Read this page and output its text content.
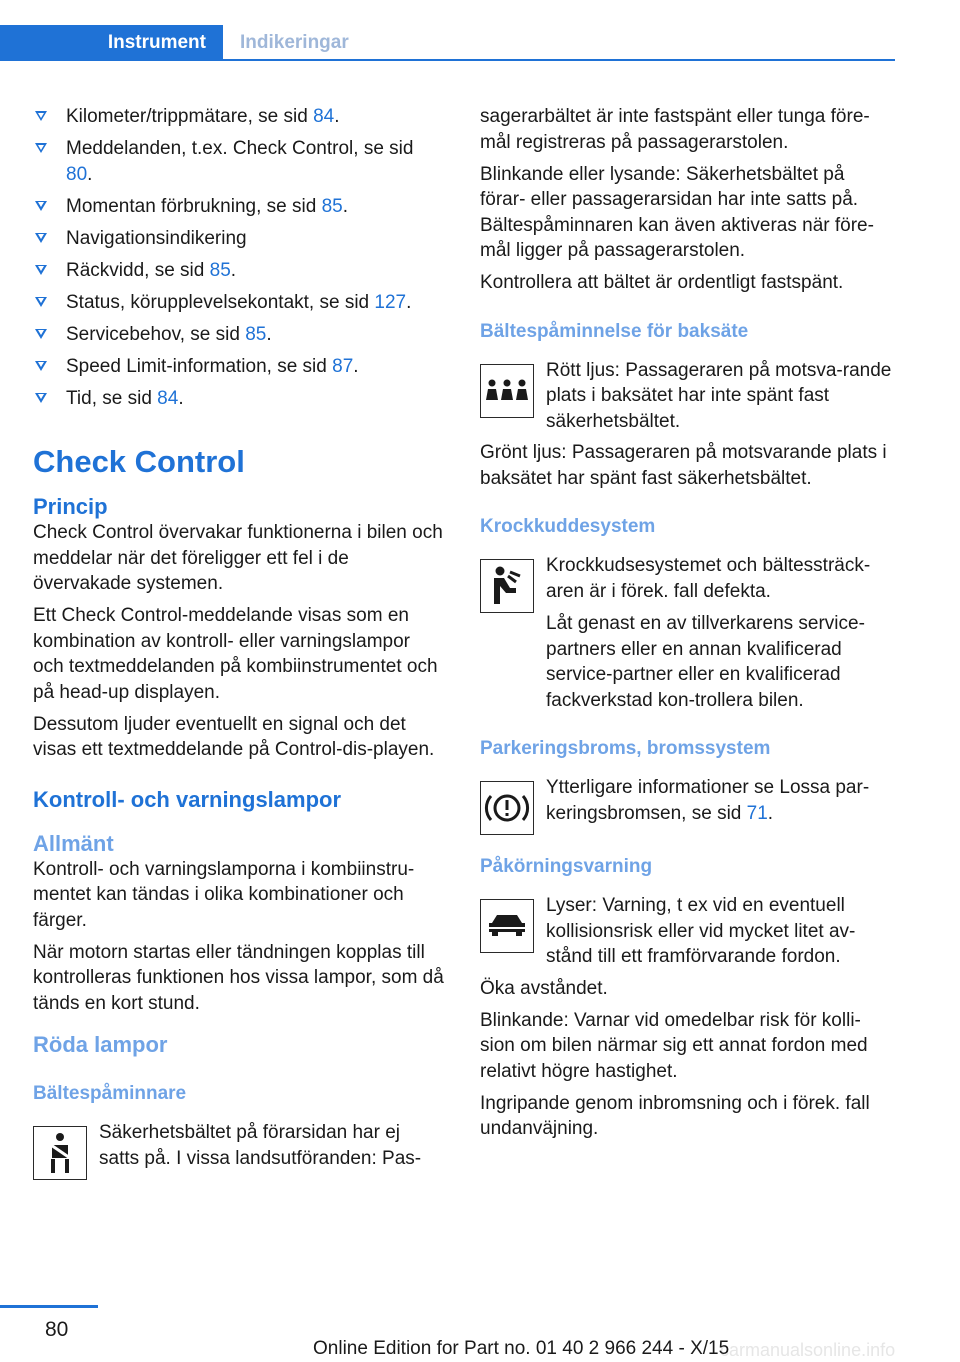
Instrument Indikeringar
Kilometer/trippmätare, se sid 84.
Meddelanden, t.ex. Check Control, se sid 80.
Momentan förbrukning, se sid 85.
Navigationsindikering
Räckvidd, se sid 85.
Status, körupplevelsekontakt, se sid 127.
Servicebehov, se sid 85.
Speed Limit-information, se sid 87.
Tid, se sid 84.
Check Control
Princip

Check Control övervakar funktionerna i bilen och meddelar när det föreligger ett fel i de övervakade systemen.

Ett Check Control-meddelande visas som en kombination av kontroll- eller varningslampor och textmeddelanden på kombiinstrumentet och på head-up displayen.

Dessutom ljuder eventuellt en signal och det visas ett textmeddelande på Control-dis-playen.

Kontroll- och varningslampor
Allmänt

Kontroll- och varningslamporna i kombiinstru-mentet kan tändas i olika kombinationer och färger.

När motorn startas eller tändningen kopplas till kontrolleras funktionen hos vissa lampor, som då tänds en kort stund.

Röda lampor
Bältespåminnare
Säkerhetsbältet på förarsidan har ej satts på. I vissa landsutföranden: Pas-

sagerarbältet är inte fastspänt eller tunga före-mål registreras på passagerarstolen.

Blinkande eller lysande: Säkerhetsbältet på förar- eller passagerarsidan har inte satts på. Bältespåminnaren kan även aktiveras när före-mål ligger på passagerarstolen.

Kontrollera att bältet är ordentligt fastspänt.

Bältespåminnelse för baksäte
Rött ljus: Passageraren på motsva-rande plats i baksätet har inte spänt fast säkerhetsbältet.

Grönt ljus: Passageraren på motsvarande plats i baksätet har spänt fast säkerhetsbältet.

Krockkuddesystem
Krockkudsesystemet och bältessträck-aren är i förek. fall defekta.

Låt genast en av tillverkarens service-partners eller en annan kvalificerad service-partner eller en kvalificerad fackverkstad kon-trollera bilen.

Parkeringsbroms, bromssystem
Ytterligare informationer se Lossa par-keringsbromsen, se sid 71.
Påkörningsvarning
Lyser: Varning, t ex vid en eventuell kollisionsrisk eller vid mycket litet av-stånd till ett framförvarande fordon.

Öka avståndet.

Blinkande: Varnar vid omedelbar risk för kolli-sion om bilen närmar sig ett annat fordon med relativt högre hastighet.

Ingripande genom inbromsning och i förek. fall undanväjning.

80
carmanualsonline.info
Online Edition for Part no. 01 40 2 966 244 - X/15
